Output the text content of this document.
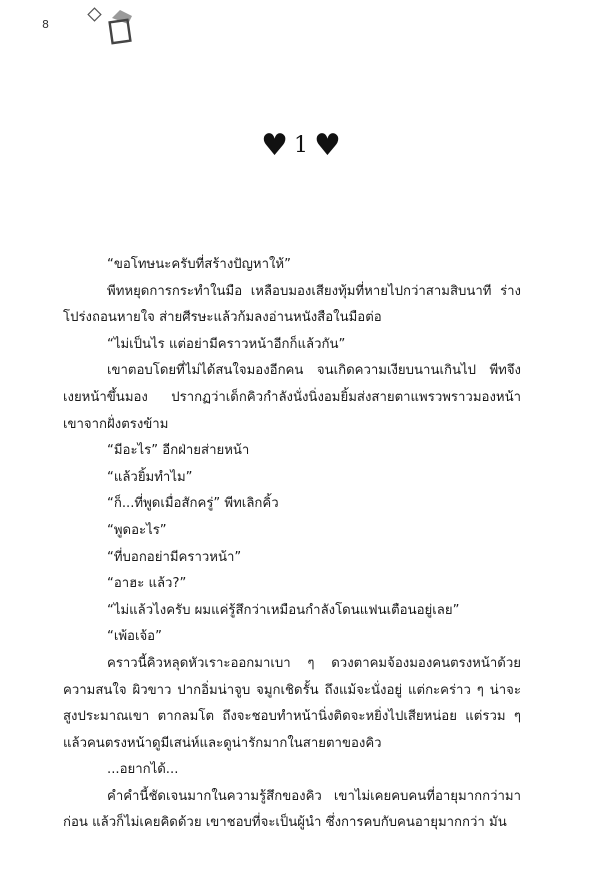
8
♥ 1 ♥

“ขอโทษนะครับที่สร้างปัญหาให้”

พีทหยุดการกระทำในมือ เหลือบมองเสียงทุ้มที่หายไปกว่าสามสิบนาที ร่างโปร่งถอนหายใจ ส่ายศีรษะแล้วก้มลงอ่านหนังสือในมือต่อ

“ไม่เป็นไร แต่อย่ามีคราวหน้าอีกก็แล้วกัน”

เขาตอบโดยที่ไม่ได้สนใจมองอีกคน จนเกิดความเงียบนานเกินไป พีทจึงเงยหน้าขึ้นมอง ปรากฏว่าเด็กคิวกำลังนั่งนิ่งอมยิ้มส่งสายตาแพรวพราวมองหน้าเขาจากฝั่งตรงข้าม

“มีอะไร” อีกฝ่ายส่ายหน้า

“แล้วยิ้มทำไม”

“ก็...ที่พูดเมื่อสักครู่” พีทเลิกคิ้ว

“พูดอะไร”

“ที่บอกอย่ามีคราวหน้า”

“อาฮะ แล้ว?”

“ไม่แล้วไงครับ ผมแค่รู้สึกว่าเหมือนกำลังโดนแฟนเตือนอยู่เลย”

“เพ้อเจ้อ”

คราวนี้คิวหลุดหัวเราะออกมาเบา ๆ ดวงตาคมจ้องมองคนตรงหน้าด้วยความสนใจ ผิวขาว ปากอิ่มน่าจูบ จมูกเชิดรั้น ถึงแม้จะนั่งอยู่ แต่กะคร่าว ๆ น่าจะสูงประมาณเขา ตากลมโต ถึงจะชอบทำหน้านิ่งติดจะหยิ่งไปเสียหน่อย แต่รวม ๆ แล้วคนตรงหน้าดูมีเสน่ห์และดูน่ารักมากในสายตาของคิว

...อยากได้...

คำคำนี้ชัดเจนมากในความรู้สึกของคิว เขาไม่เคยคบคนที่อายุมากกว่ามาก่อน แล้วก็ไม่เคยคิดด้วย เขาชอบที่จะเป็นผู้นำ ซึ่งการคบกับคนอายุมากกว่า มัน
